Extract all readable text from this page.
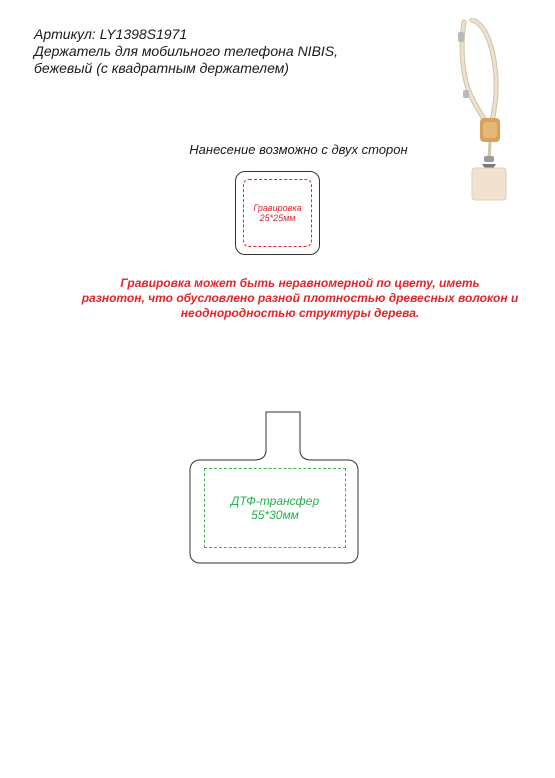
Артикул: LY1398S1971
Держатель для мобильного телефона NIBIS,
бежевый (с квадратным держателем)
Нанесение возможно с двух сторон
Гравировка
25*25мм
Гравировка может быть неравномерной по цвету, иметь
разнотон, что обусловлено разной плотностью древесных волокон и
неоднородностью структуры дерева.
ДТФ-трансфер
55*30мм
